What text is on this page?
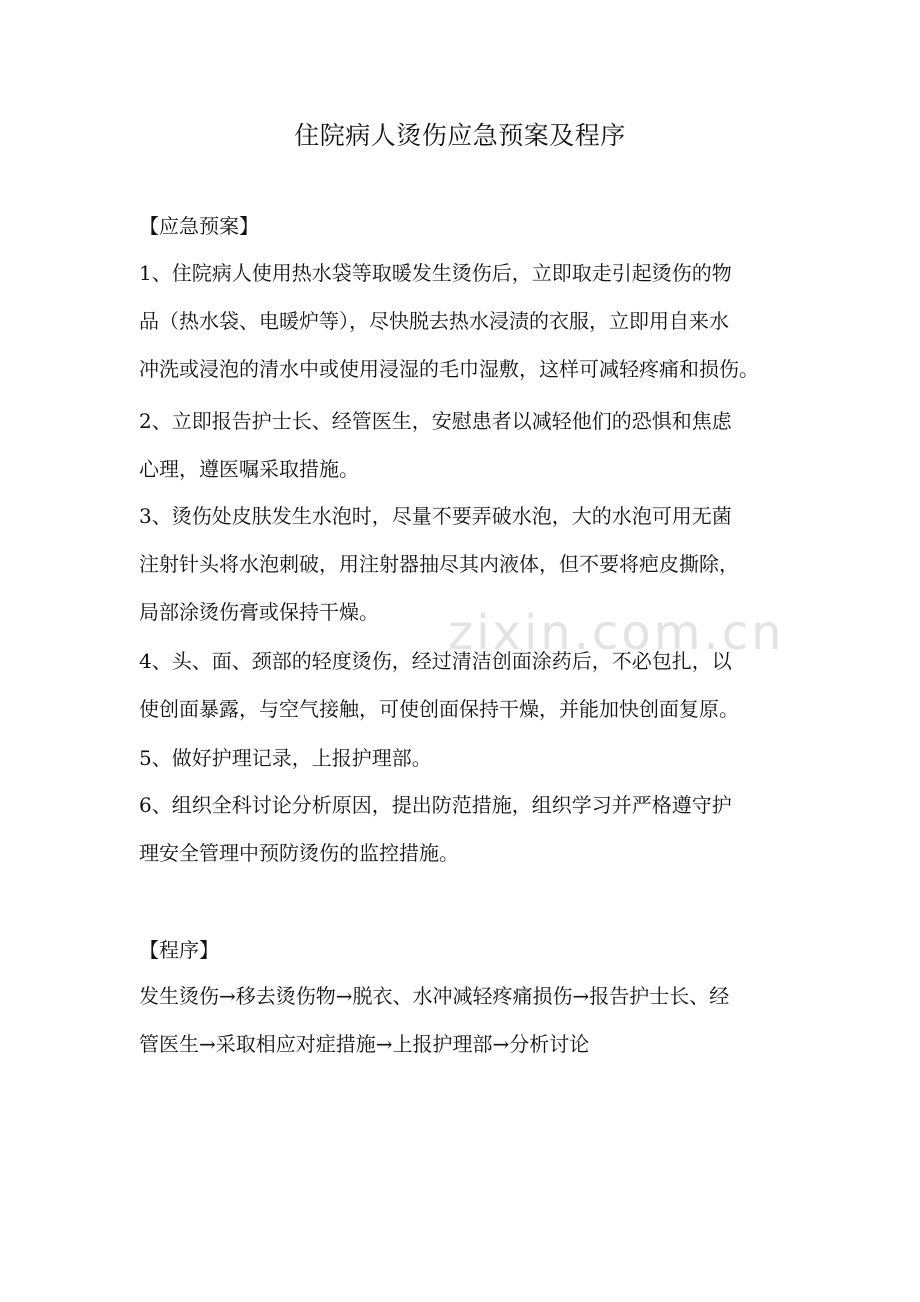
zixin.com.cn
住院病人烫伤应急预案及程序
【应急预案】
1、住院病人使用热水袋等取暖发生烫伤后，立即取走引起烫伤的物
品（热水袋、电暖炉等），尽快脱去热水浸渍的衣服，立即用自来水
冲洗或浸泡的清水中或使用浸湿的毛巾湿敷，这样可减轻疼痛和损伤。
2、立即报告护士长、经管医生，安慰患者以减轻他们的恐惧和焦虑
心理，遵医嘱采取措施。
3、烫伤处皮肤发生水泡时，尽量不要弄破水泡，大的水泡可用无菌
注射针头将水泡刺破，用注射器抽尽其内液体，但不要将疤皮撕除，
局部涂烫伤膏或保持干燥。
4、头、面、颈部的轻度烫伤，经过清洁创面涂药后，不必包扎，以
使创面暴露，与空气接触，可使创面保持干燥，并能加快创面复原。
5、做好护理记录，上报护理部。
6、组织全科讨论分析原因，提出防范措施，组织学习并严格遵守护
理安全管理中预防烫伤的监控措施。
【程序】
发生烫伤→移去烫伤物→脱衣、水冲减轻疼痛损伤→报告护士长、经
管医生→采取相应对症措施→上报护理部→分析讨论
